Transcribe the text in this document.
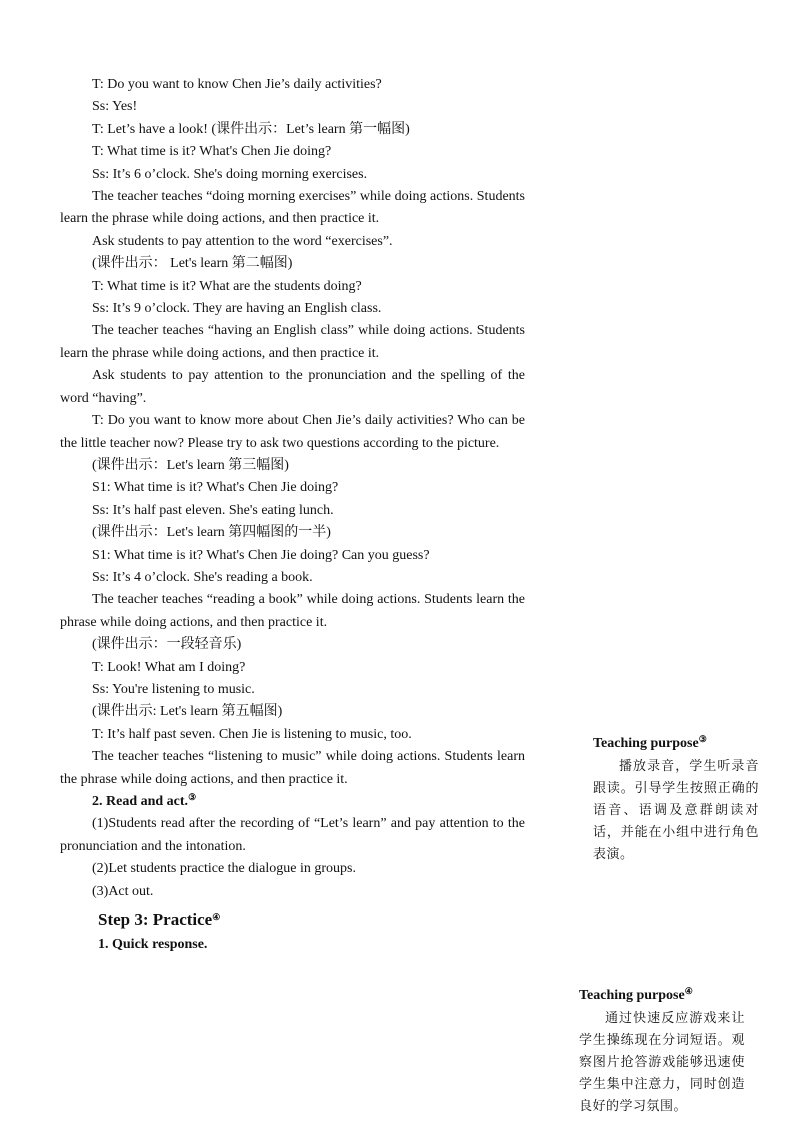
T: Do you want to know Chen Jie’s daily activities?

Ss: Yes!

T: Let’s have a look! (课件出示：Let’s learn 第一幅图)

T: What time is it? What's Chen Jie doing?

Ss: It’s 6 o’clock. She's doing morning exercises.

The teacher teaches “doing morning exercises” while doing actions. Students learn the phrase while doing actions, and then practice it.

Ask students to pay attention to the word “exercises”.

(课件出示： Let's learn 第二幅图)

T: What time is it? What are the students doing?

Ss: It’s 9 o’clock. They are having an English class.

The teacher teaches “having an English class” while doing actions. Students learn the phrase while doing actions, and then practice it.

Ask students to pay attention to the pronunciation and the spelling of the word “having”.

T: Do you want to know more about Chen Jie’s daily activities? Who can be the little teacher now? Please try to ask two questions according to the picture.

(课件出示：Let's learn 第三幅图)

S1: What time is it? What's Chen Jie doing?

Ss: It’s half past eleven. She's eating lunch.

(课件出示：Let's learn 第四幅图的一半)

S1: What time is it? What's Chen Jie doing? Can you guess?

Ss: It’s 4 o’clock. She's reading a book.

The teacher teaches “reading a book” while doing actions. Students learn the phrase while doing actions, and then practice it.

(课件出示：一段轻音乐)

T: Look! What am I doing?

Ss: You're listening to music.

(课件出示: Let's learn 第五幅图)

T: It’s half past seven. Chen Jie is listening to music, too.

The teacher teaches “listening to music” while doing actions. Students learn the phrase while doing actions, and then practice it.

2. Read and act.③

(1)Students read after the recording of “Let’s learn” and pay attention to the pronunciation and the intonation.

(2)Let students practice the dialogue in groups.

(3)Act out.

Step 3: Practice④
1. Quick response.
Teaching purpose③
播放录音，学生听录音跟读。引导学生按照正确的语音、语调及意群朗读对话，并能在小组中进行角色表演。
Teaching purpose④
通过快速反应游戏来让学生操练现在分词短语。观察图片抢答游戏能够迅速使学生集中注意力，同时创造良好的学习氛围。
